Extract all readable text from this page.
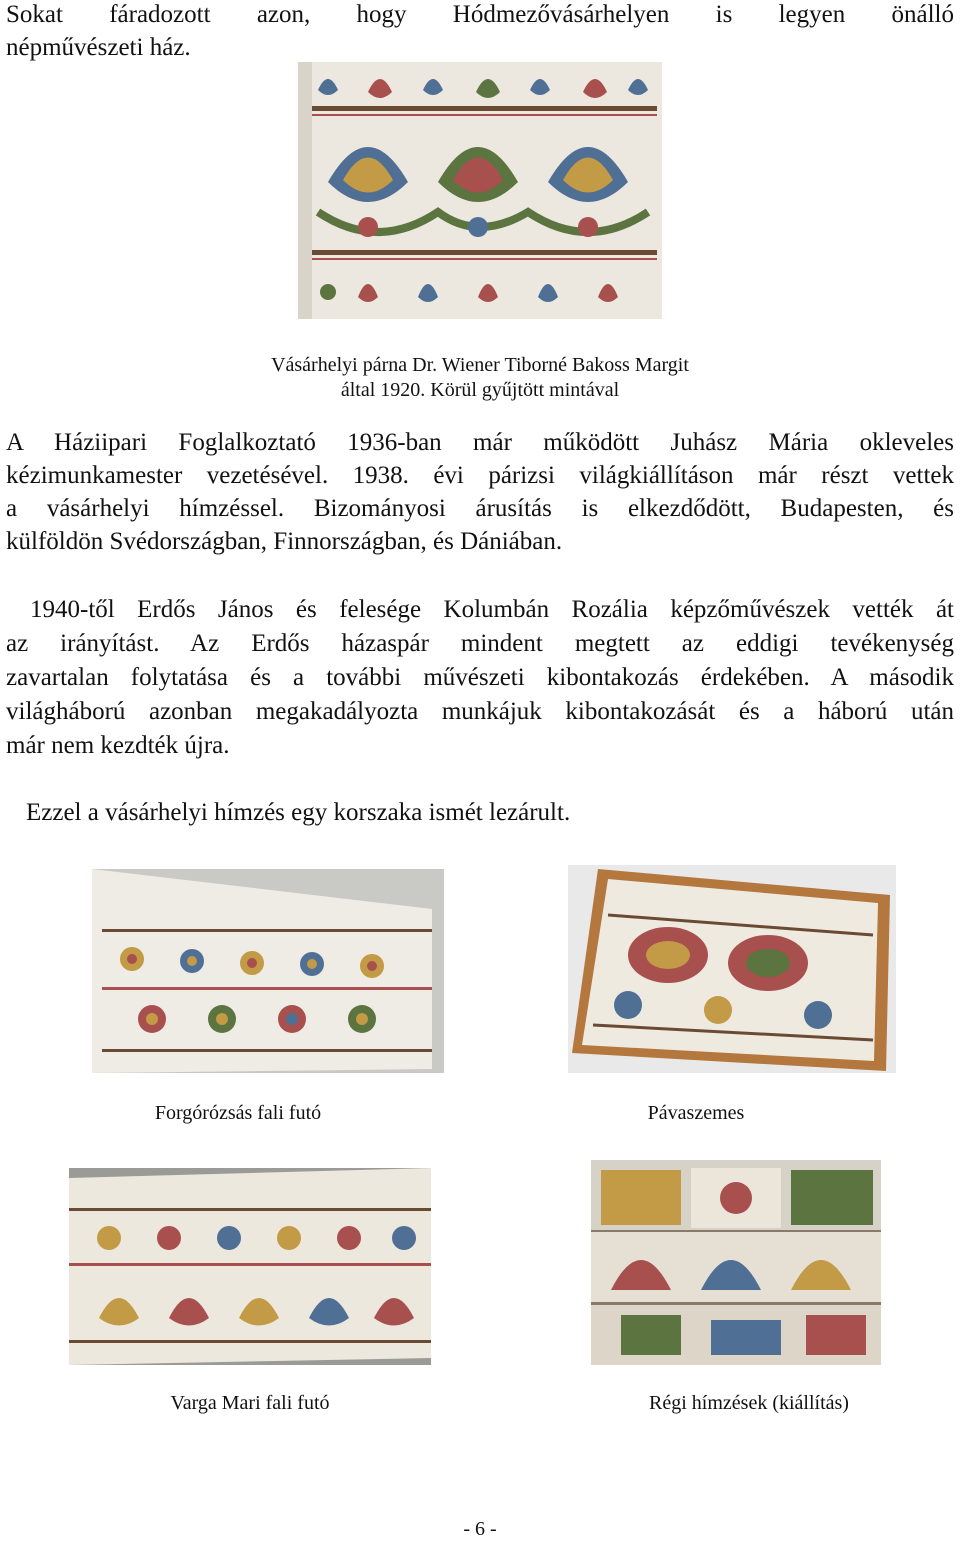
Sokat fáradozott azon, hogy Hódmezővásárhelyen is legyen önálló
népművészeti ház.
Vásárhelyi párna Dr. Wiener Tiborné Bakoss Margit
által 1920. Körül gyűjtött mintával
A Háziipari Foglalkoztató 1936-ban már működött Juhász Mária okleveles
kézimunkamester vezetésével. 1938. évi párizsi világkiállításon már részt vettek
a vásárhelyi hímzéssel. Bizományosi árusítás is elkezdődött, Budapesten, és
külföldön Svédországban, Finnországban, és Dániában.
1940-től Erdős János és felesége Kolumbán Rozália képzőművészek vették át
az irányítást. Az Erdős házaspár mindent megtett az eddigi tevékenység
zavartalan folytatása és a további művészeti kibontakozás érdekében. A második
világháború azonban megakadályozta munkájuk kibontakozását és a háború után
már nem kezdték újra.
Ezzel a vásárhelyi hímzés egy korszaka ismét lezárult.
Forgórózsás fali futó	Pávaszemes
Varga Mari fali futó	Régi hímzések (kiállítás)
- 6 -
